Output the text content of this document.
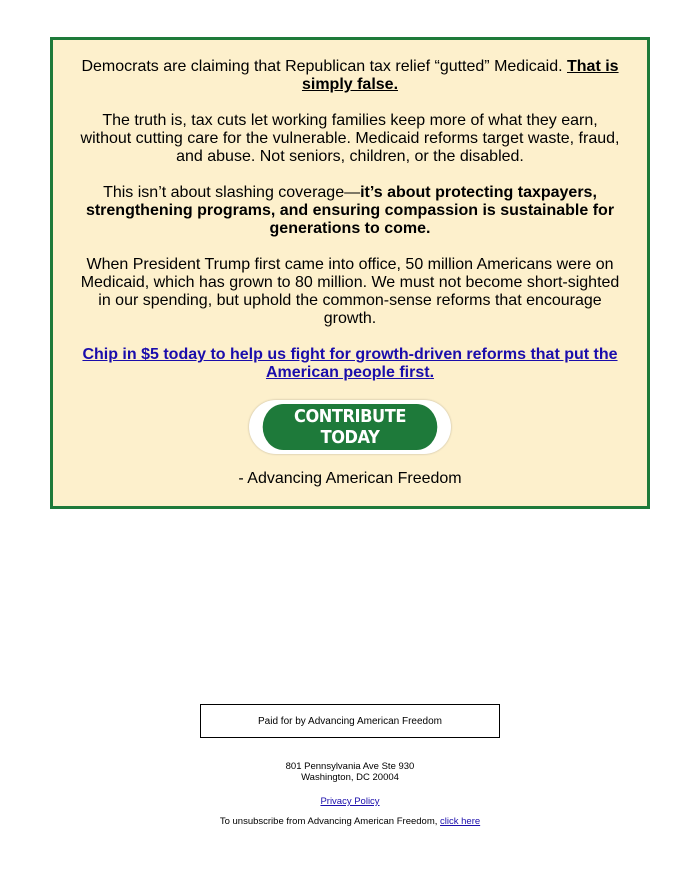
Democrats are claiming that Republican tax relief “gutted” Medicaid. That is simply false.

The truth is, tax cuts let working families keep more of what they earn, without cutting care for the vulnerable. Medicaid reforms target waste, fraud, and abuse. Not seniors, children, or the disabled.

This isn’t about slashing coverage—it’s about protecting taxpayers, strengthening programs, and ensuring compassion is sustainable for generations to come.

When President Trump first came into office, 50 million Americans were on Medicaid, which has grown to 80 million. We must not become short-sighted in our spending, but uphold the common-sense reforms that encourage growth.

Chip in $5 today to help us fight for growth-driven reforms that put the American people first.

CONTRIBUTE TODAY
- Advancing American Freedom
Paid for by Advancing American Freedom
801 Pennsylvania Ave Ste 930
Washington, DC 20004
Privacy Policy
To unsubscribe from Advancing American Freedom, click here
